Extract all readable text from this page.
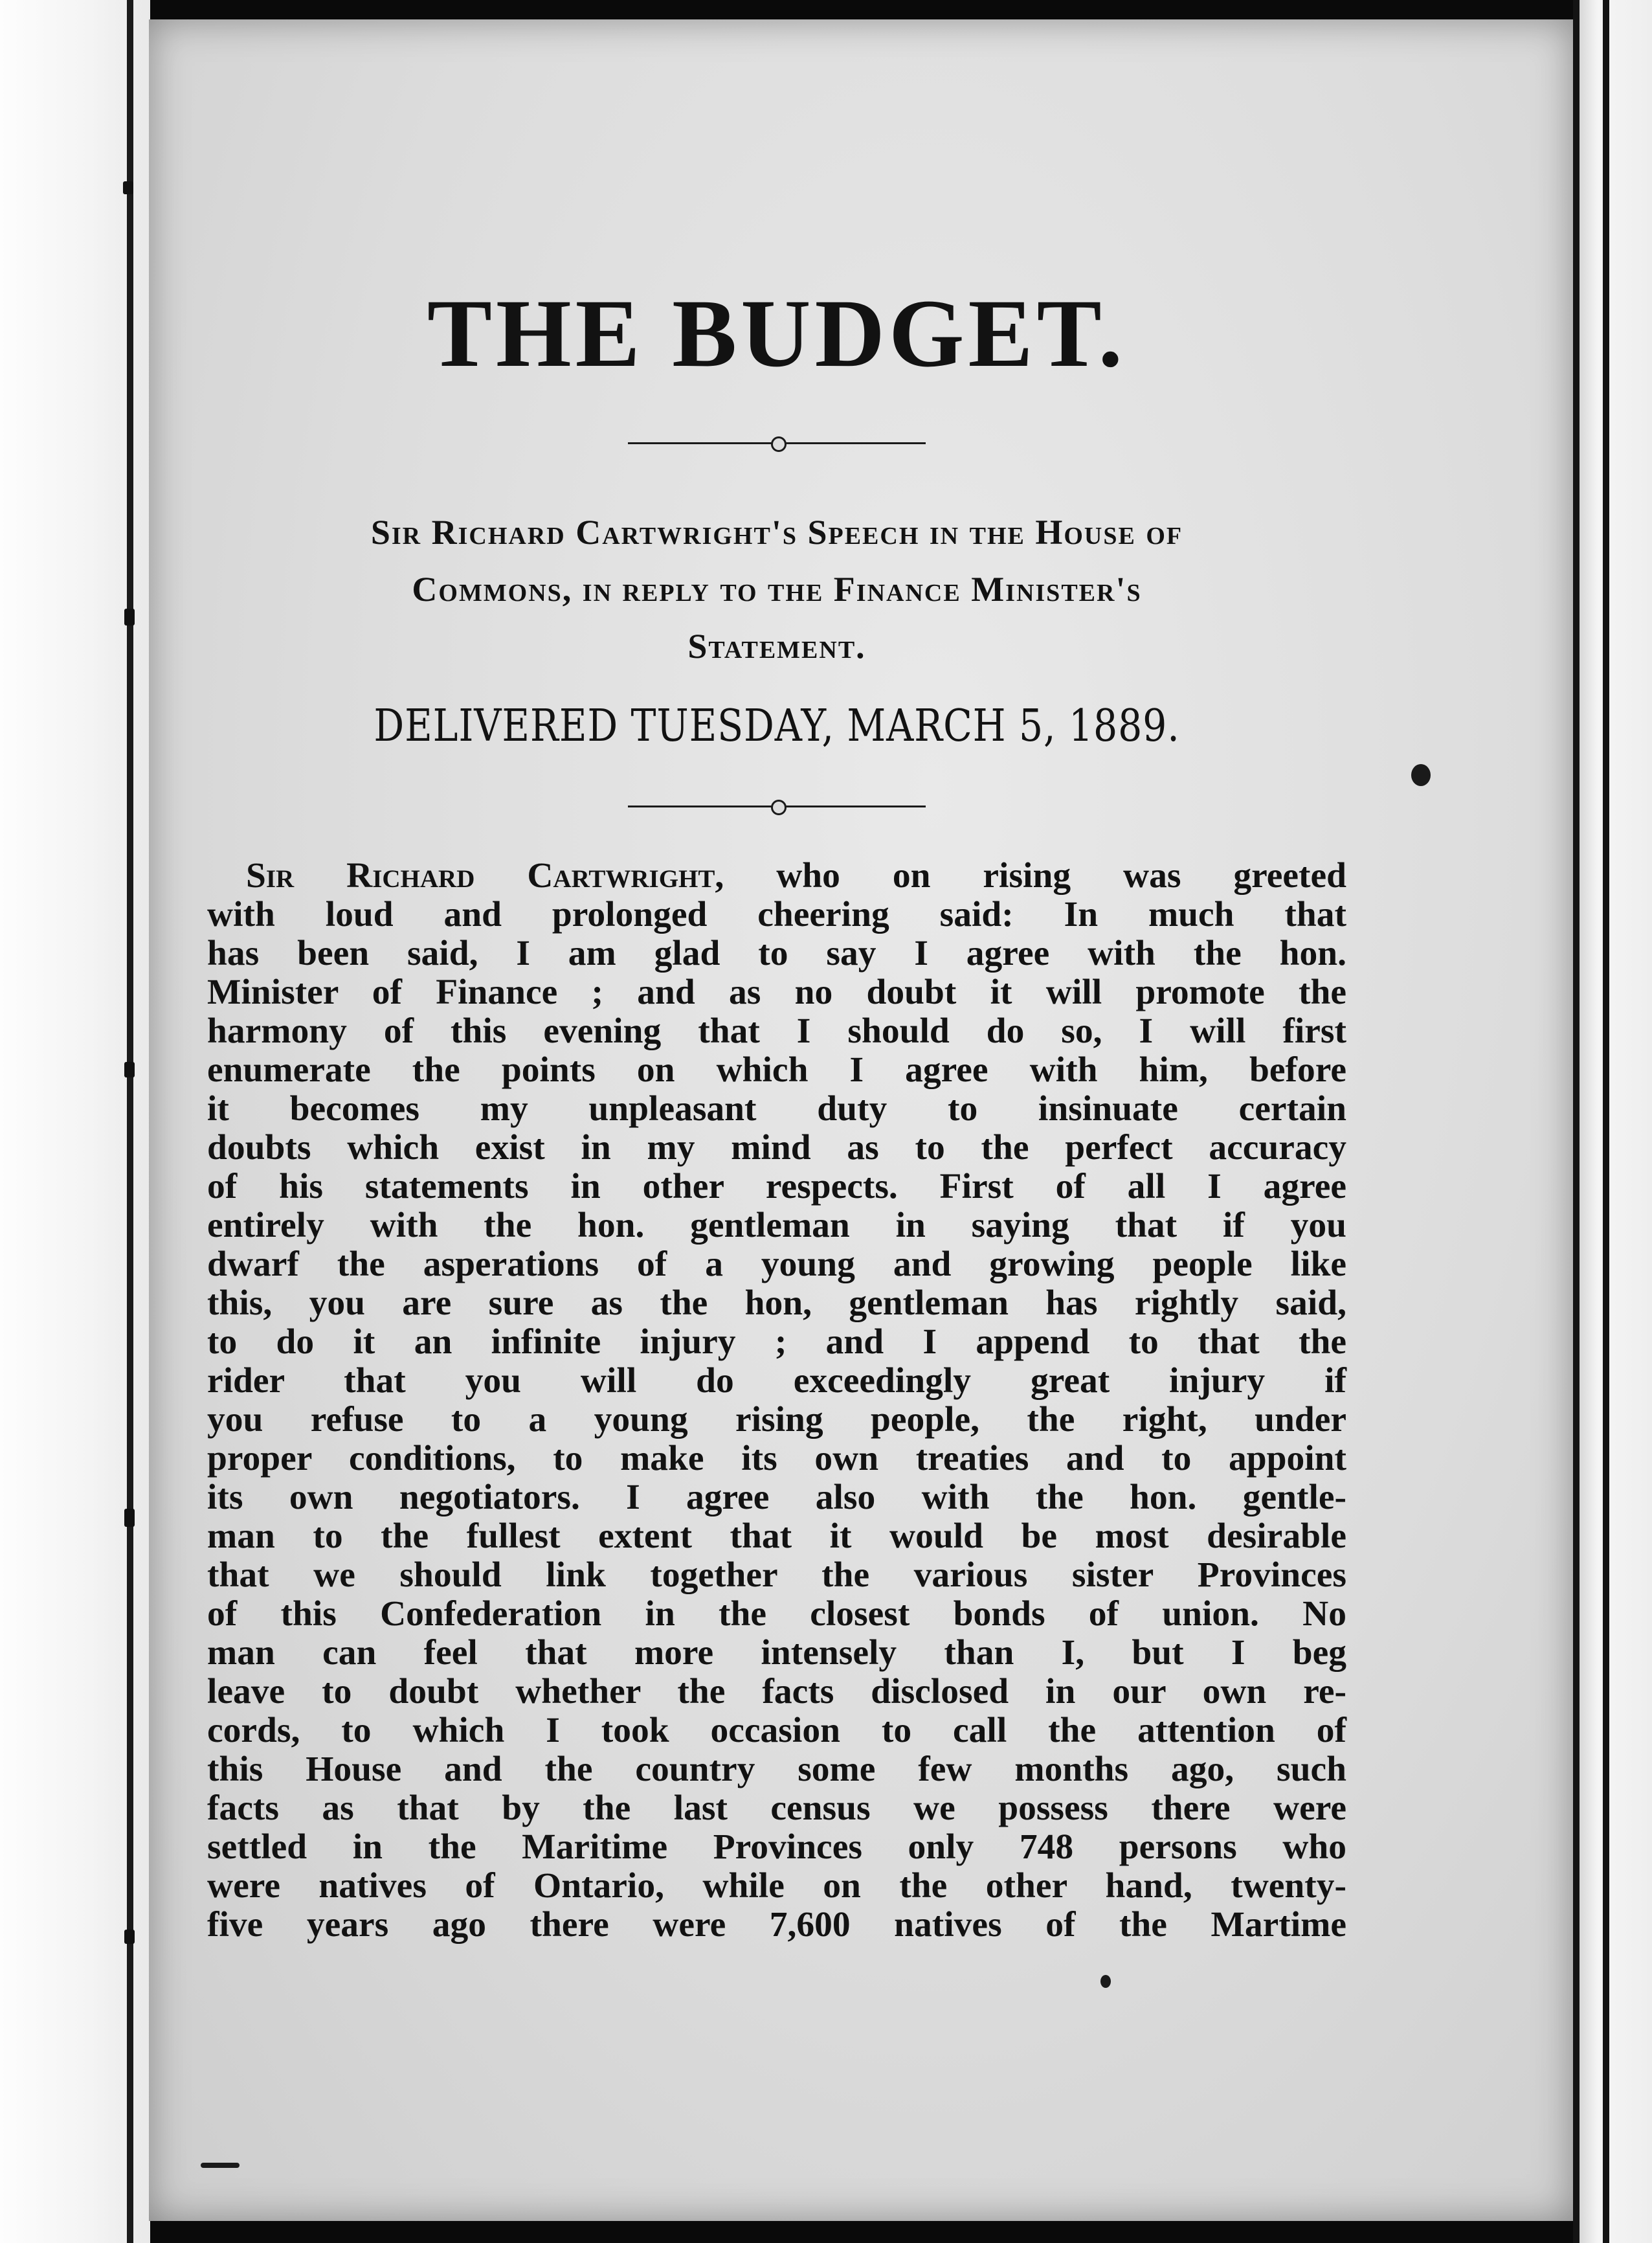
THE BUDGET.
Sir Richard Cartwright's Speech in the House of
Commons, in reply to the Finance Minister's
Statement.
DELIVERED TUESDAY, MARCH 5, 1889.
Sir Richard Cartwright, who on rising was greeted
with loud and prolonged cheering said: In much that
has been said, I am glad to say I agree with the hon.
Minister of Finance ; and as no doubt it will promote the
harmony of this evening that I should do so, I will first
enumerate the points on which I agree with him, before
it becomes my unpleasant duty to insinuate certain
doubts which exist in my mind as to the perfect accuracy
of his statements in other respects. First of all I agree
entirely with the hon. gentleman in saying that if you
dwarf the asperations of a young and growing people like
this, you are sure as the hon, gentleman has rightly said,
to do it an infinite injury ; and I append to that the
rider that you will do exceedingly great injury if
you refuse to a young rising people, the right, under
proper conditions, to make its own treaties and to appoint
its own negotiators. I agree also with the hon. gentle-
man to the fullest extent that it would be most desirable
that we should link together the various sister Provinces
of this Confederation in the closest bonds of union. No
man can feel that more intensely than I, but I beg
leave to doubt whether the facts disclosed in our own re-
cords, to which I took occasion to call the attention of
this House and the country some few months ago, such
facts as that by the last census we possess there were
settled in the Maritime Provinces only 748 persons who
were natives of Ontario, while on the other hand, twenty-
five years ago there were 7,600 natives of the Martime
